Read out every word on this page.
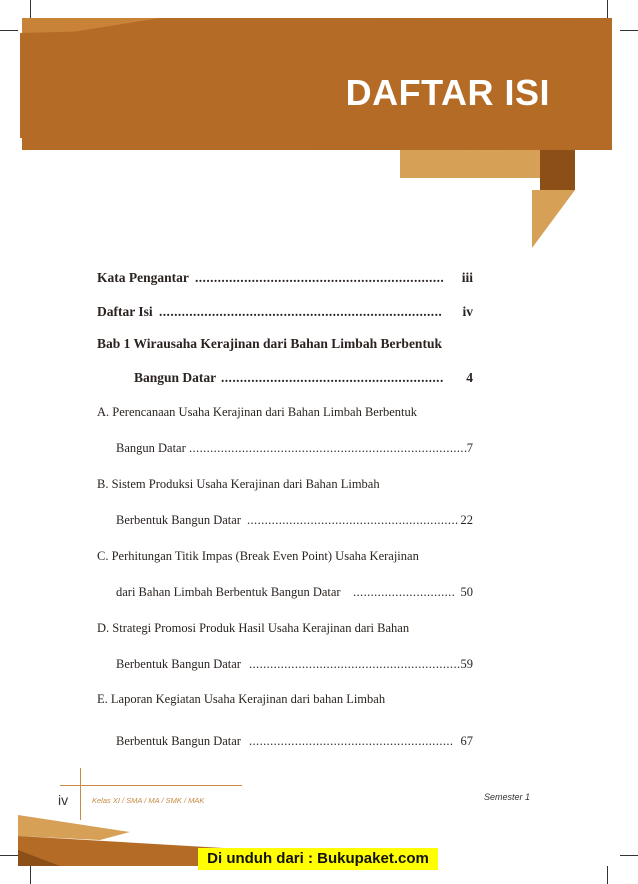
DAFTAR ISI
Kata Pengantar .................................................................. iii
Daftar Isi ........................................................................... iv
Bab 1 Wirausaha Kerajinan dari Bahan Limbah Berbentuk
Bangun Datar ........................................................... 4
A. Perencanaan Usaha Kerajinan dari Bahan Limbah Berbentuk
Bangun Datar ............................................................................... 7
B. Sistem Produksi Usaha Kerajinan dari Bahan Limbah
Berbentuk Bangun Datar ............................................................ 22
C. Perhitungan Titik Impas (Break Even Point) Usaha Kerajinan
dari Bahan Limbah Berbentuk Bangun Datar ............................. 50
D. Strategi Promosi Produk Hasil Usaha Kerajinan dari Bahan
Berbentuk Bangun Datar ............................................................ 59
E. Laporan Kegiatan Usaha Kerajinan dari bahan Limbah
Berbentuk Bangun Datar .......................................................... 67
iv	Kelas XI / SMA / MA / SMK / MAK	Semester 1
Di unduh dari : Bukupaket.com
